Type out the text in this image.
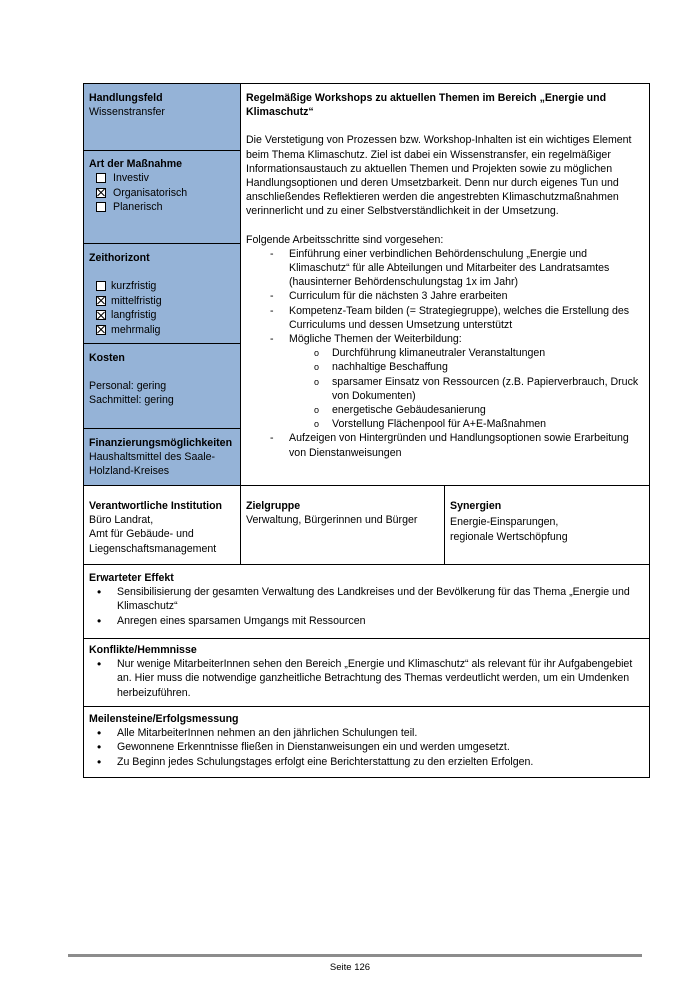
Handlungsfeld
Wissenstransfer
Art der Maßnahme
Investiv
Organisatorisch
Planerisch
Zeithorizont
kurzfristig
mittelfristig
langfristig
mehrmalig
Kosten
Personal: gering
Sachmittel: gering
Finanzierungsmöglichkeiten
Haushaltsmittel des Saale-Holzland-Kreises
Regelmäßige Workshops zu aktuellen Themen im Bereich „Energie und Klimaschutz“
Die Verstetigung von Prozessen bzw. Workshop-Inhalten ist ein wichtiges Element beim Thema Klimaschutz. Ziel ist dabei ein Wissenstransfer, ein regelmäßiger Informationsaustauch zu aktuellen Themen und Projekten sowie zu möglichen Handlungsoptionen und deren Umsetzbarkeit. Denn nur durch eigenes Tun und anschließendes Reflektieren werden die angestrebten Klimaschutzmaßnahmen verinnerlicht und zu einer Selbstverständlichkeit in der Umsetzung.
Folgende Arbeitsschritte sind vorgesehen:
- Einführung einer verbindlichen Behördenschulung „Energie und Klimaschutz“ für alle Abteilungen und Mitarbeiter des Landratsamtes (hausinterner Behördenschulungstag 1x im Jahr)
- Curriculum für die nächsten 3 Jahre erarbeiten
- Kompetenz-Team bilden (= Strategiegruppe), welches die Erstellung des Curriculums und dessen Umsetzung unterstützt
- Mögliche Themen der Weiterbildung:
o Durchführung klimaneutraler Veranstaltungen
o nachhaltige Beschaffung
o sparsamer Einsatz von Ressourcen (z.B. Papierverbrauch, Druck von Dokumenten)
o energetische Gebäudesanierung
o Vorstellung Flächenpool für A+E-Maßnahmen
- Aufzeigen von Hintergründen und Handlungsoptionen sowie Erarbeitung von Dienstanweisungen
Verantwortliche Institution
Büro Landrat,
Amt für Gebäude- und Liegenschaftsmanagement
Zielgruppe
Verwaltung, Bürgerinnen und Bürger
Synergien
Energie-Einsparungen,
regionale Wertschöpfung
Erwarteter Effekt
• Sensibilisierung der gesamten Verwaltung des Landkreises und der Bevölkerung für das Thema „Energie und Klimaschutz“
• Anregen eines sparsamen Umgangs mit Ressourcen
Konflikte/Hemmnisse
• Nur wenige MitarbeiterInnen sehen den Bereich „Energie und Klimaschutz“ als relevant für ihr Aufgabengebiet an. Hier muss die notwendige ganzheitliche Betrachtung des Themas verdeutlicht werden, um ein Umdenken herbeizuführen.
Meilensteine/Erfolgsmessung
• Alle MitarbeiterInnen nehmen an den jährlichen Schulungen teil.
• Gewonnene Erkenntnisse fließen in Dienstanweisungen ein und werden umgesetzt.
• Zu Beginn jedes Schulungstages erfolgt eine Berichterstattung zu den erzielten Erfolgen.
Seite 126
